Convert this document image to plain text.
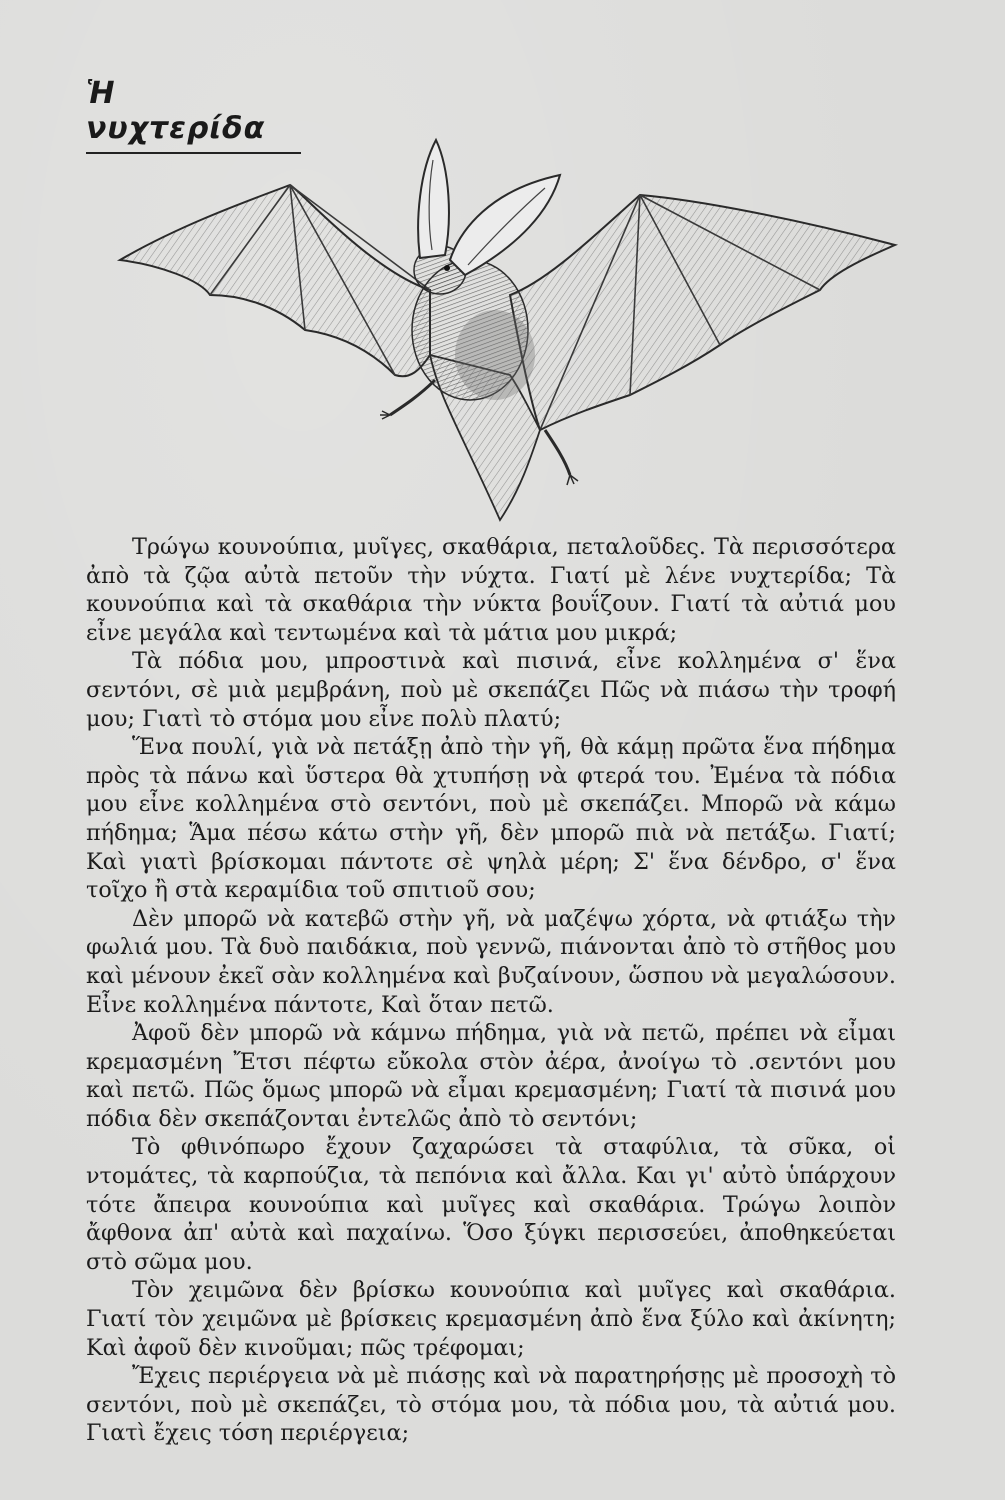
Ἡ νυχτερίδα

Τρώγω κουνούπια, μυῖγες, σκαθάρια, πεταλοῦδες. Τὰ περισσότερα ἀπὸ τὰ ζῷα αὐτὰ πετοῦν τὴν νύχτα. Γιατί μὲ λένε νυχτερίδα; Τὰ κουνούπια καὶ τὰ σκαθάρια τὴν νύκτα βουΐζουν. Γιατί τὰ αὐτιά μου εἶνε μεγάλα καὶ τεντωμένα καὶ τὰ μάτια μου μικρά;

Τὰ πόδια μου, μπροστινὰ καὶ πισινά, εἶνε κολλημένα σ' ἕνα σεντόνι, σὲ μιὰ μεμβράνη, ποὺ μὲ σκεπάζει Πῶς νὰ πιάσω τὴν τροφή μου; Γιατὶ τὸ στόμα μου εἶνε πολὺ πλατύ;

Ἕνα πουλί, γιὰ νὰ πετάξῃ ἀπὸ τὴν γῆ, θὰ κάμῃ πρῶτα ἕνα πήδημα πρὸς τὰ πάνω καὶ ὕστερα θὰ χτυπήσῃ νὰ φτερά του. Ἐμένα τὰ πόδια μου εἶνε κολλημένα στὸ σεντόνι, ποὺ μὲ σκεπάζει. Μπορῶ νὰ κάμω πήδημα; Ἅμα πέσω κάτω στὴν γῆ, δὲν μπορῶ πιὰ νὰ πετάξω. Γιατί; Καὶ γιατὶ βρίσκομαι πάντοτε σὲ ψηλὰ μέρη; Σ' ἕνα δένδρο, σ' ἕνα τοῖχο ἢ στὰ κεραμίδια τοῦ σπιτιοῦ σου;

Δὲν μπορῶ νὰ κατεβῶ στὴν γῆ, νὰ μαζέψω χόρτα, νὰ φτιάξω τὴν φωλιά μου. Τὰ δυὸ παιδάκια, ποὺ γεννῶ, πιάνονται ἀπὸ τὸ στῆθος μου καὶ μένουν ἐκεῖ σὰν κολλημένα καὶ βυζαίνουν, ὥσπου νὰ μεγαλώσουν. Εἶνε κολλημένα πάντοτε, Καὶ ὅταν πετῶ.

Ἀφοῦ δὲν μπορῶ νὰ κάμνω πήδημα, γιὰ νὰ πετῶ, πρέπει νὰ εἶμαι κρεμασμένη Ἔτσι πέφτω εὔκολα στὸν ἀέρα, ἀνοίγω τὸ .σεντόνι μου καὶ πετῶ. Πῶς ὅμως μπορῶ νὰ εἶμαι κρεμασμένη; Γιατί τὰ πισινά μου πόδια δὲν σκεπάζονται ἐντελῶς ἀπὸ τὸ σεντόνι;

Τὸ φθινόπωρο ἔχουν ζαχαρώσει τὰ σταφύλια, τὰ σῦκα, οἱ ντομάτες, τὰ καρπούζια, τὰ πεπόνια καὶ ἄλλα. Και γι' αὐτὸ ὑπάρχουν τότε ἄπειρα κουνούπια καὶ μυῖγες καὶ σκαθάρια. Τρώγω λοιπὸν ἄφθονα ἀπ' αὐτὰ καὶ παχαίνω. Ὅσο ξύγκι περισσεύει, ἀποθηκεύεται στὸ σῶμα μου.

Τὸν χειμῶνα δὲν βρίσκω κουνούπια καὶ μυῖγες καὶ σκαθάρια. Γιατί τὸν χειμῶνα μὲ βρίσκεις κρεμασμένη ἀπὸ ἕνα ξύλο καὶ ἀκίνητη; Καὶ ἀφοῦ δὲν κινοῦμαι; πῶς τρέφομαι;

Ἔχεις περιέργεια νὰ μὲ πιάσῃς καὶ νὰ παρατηρήσῃς μὲ προσοχὴ τὸ σεντόνι, ποὺ μὲ σκεπάζει, τὸ στόμα μου, τὰ πόδια μου, τὰ αὐτιά μου. Γιατὶ ἔχεις τόση περιέργεια;
